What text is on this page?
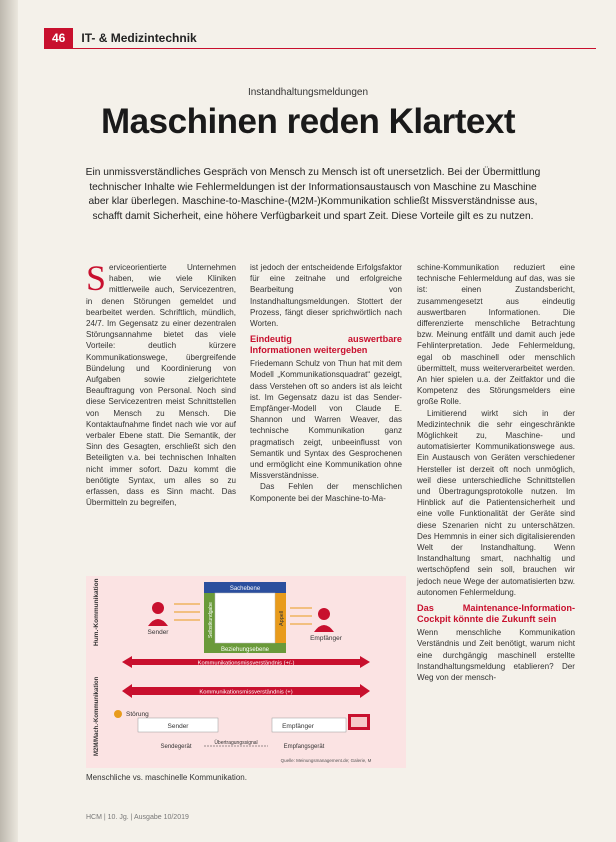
46	IT- & Medizintechnik
Instandhaltungsmeldungen
Maschinen reden Klartext
Ein unmissverständliches Gespräch von Mensch zu Mensch ist oft unersetzlich. Bei der Übermittlung technischer Inhalte wie Fehlermeldungen ist der Informationsaustausch von Maschine zu Maschine aber klar überlegen. Maschine-to-Maschine-(M2M-)Kommunikation schließt Missverständnisse aus, schafft damit Sicherheit, eine höhere Verfügbarkeit und spart Zeit. Diese Vorteile gilt es zu nutzen.

Serviceorientierte Unternehmen haben, wie viele Kliniken mittlerweile auch, Servicezentren, in denen Störungen gemeldet und bearbeitet werden. Schriftlich, mündlich, 24/7. Im Gegensatz zu einer dezentralen Störungsannahme bietet das viele Vorteile: deutlich kürzere Kommunikationswege, übergreifende Bündelung und Koordinierung von Aufgaben sowie zielgerichtete Beauftragung von Personal. Noch sind diese Servicezentren meist Schnittstellen von Mensch zu Mensch. Die Kontaktaufnahme findet nach wie vor auf verbaler Ebene statt. Die Semantik, der Sinn des Gesagten, erschließt sich den Beteiligten v.a. bei technischen Inhalten nicht immer sofort. Dazu kommt die benötigte Syntax, um alles so zu erfassen, dass es Sinn macht. Das Übermitteln zu begreifen,

ist jedoch der entscheidende Erfolgsfaktor für eine zeitnahe und erfolgreiche Bearbeitung von Instandhaltungsmeldungen. Stottert der Prozess, fängt dieser sprichwörtlich nach Worten.

Eindeutig auswertbare Informationen weitergeben

Friedemann Schulz von Thun hat mit dem Modell „Kommunikationsquadrat“ gezeigt, dass Verstehen oft so anders ist als leicht ist. Im Gegensatz dazu ist das Sender-Empfänger-Modell von Claude E. Shannon und Warren Weaver, das technische Kommunikation ganz pragmatisch zeigt, unbeeinflusst von Semantik und Syntax des Gesprochenen und ermöglicht eine Kommunikation ohne Missverständnisse.

Das Fehlen der menschlichen Komponente bei der Maschine-to-Ma-

schine-Kommunikation reduziert eine technische Fehlermeldung auf das, was sie ist: einen Zustandsbericht, zusammengesetzt aus eindeutig auswertbaren Informationen. Die differenzierte menschliche Betrachtung bzw. Meinung entfällt und damit auch jede Fehlinterpretation. Jede Fehlermeldung, egal ob maschinell oder menschlich übermittelt, muss weiterverarbeitet werden. An hier spielen u.a. der Zeitfaktor und die Kompetenz des Störungsmelders eine große Rolle.

Limitierend wirkt sich in der Medizintechnik die sehr eingeschränkte Möglichkeit zu, Maschine- und automatisierter Kommunikationswege aus. Ein Austausch von Geräten verschiedener Hersteller ist derzeit oft noch unmöglich, weil diese unterschiedliche Schnittstellen und Übertragungsprotokolle nutzen. Im Hinblick auf die Patientensicherheit und eine volle Funktionalität der Geräte sind diese Szenarien nicht zu unterschätzen. Des Hemmnis in einer sich digitalisierenden Welt der Instandhaltung. Wenn Instandhaltung smart, nachhaltig und wertschöpfend sein soll, brauchen wir jedoch neue Wege der automatisierten bzw. autonomen Fehlermeldung.

Das Maintenance-Information-Cockpit könnte die Zukunft sein

Wenn menschliche Kommunikation Verständnis und Zeit benötigt, warum nicht eine durchgängig maschinell erstellte Instandhaltungsmeldung etablieren? Der Weg von der mensch-

Hum.-Kommunikation
M2M/Mach.-Kommunikation
Sachebene
Selbstkundgabe	Appell
Beziehungsebene
Sender
Empfänger
Kommunikationsmissverständnis (+/-)
Kommunikationsmissverständnis (+)
Störung
Sender
Sendegerät
Übertragungssignal
Empfänger
Empfangsgerät
Quelle: Meinungsmanagement.de; Galerie, M
Menschliche vs. maschinelle Kommunikation.
HCM | 10. Jg. | Ausgabe 10/2019
